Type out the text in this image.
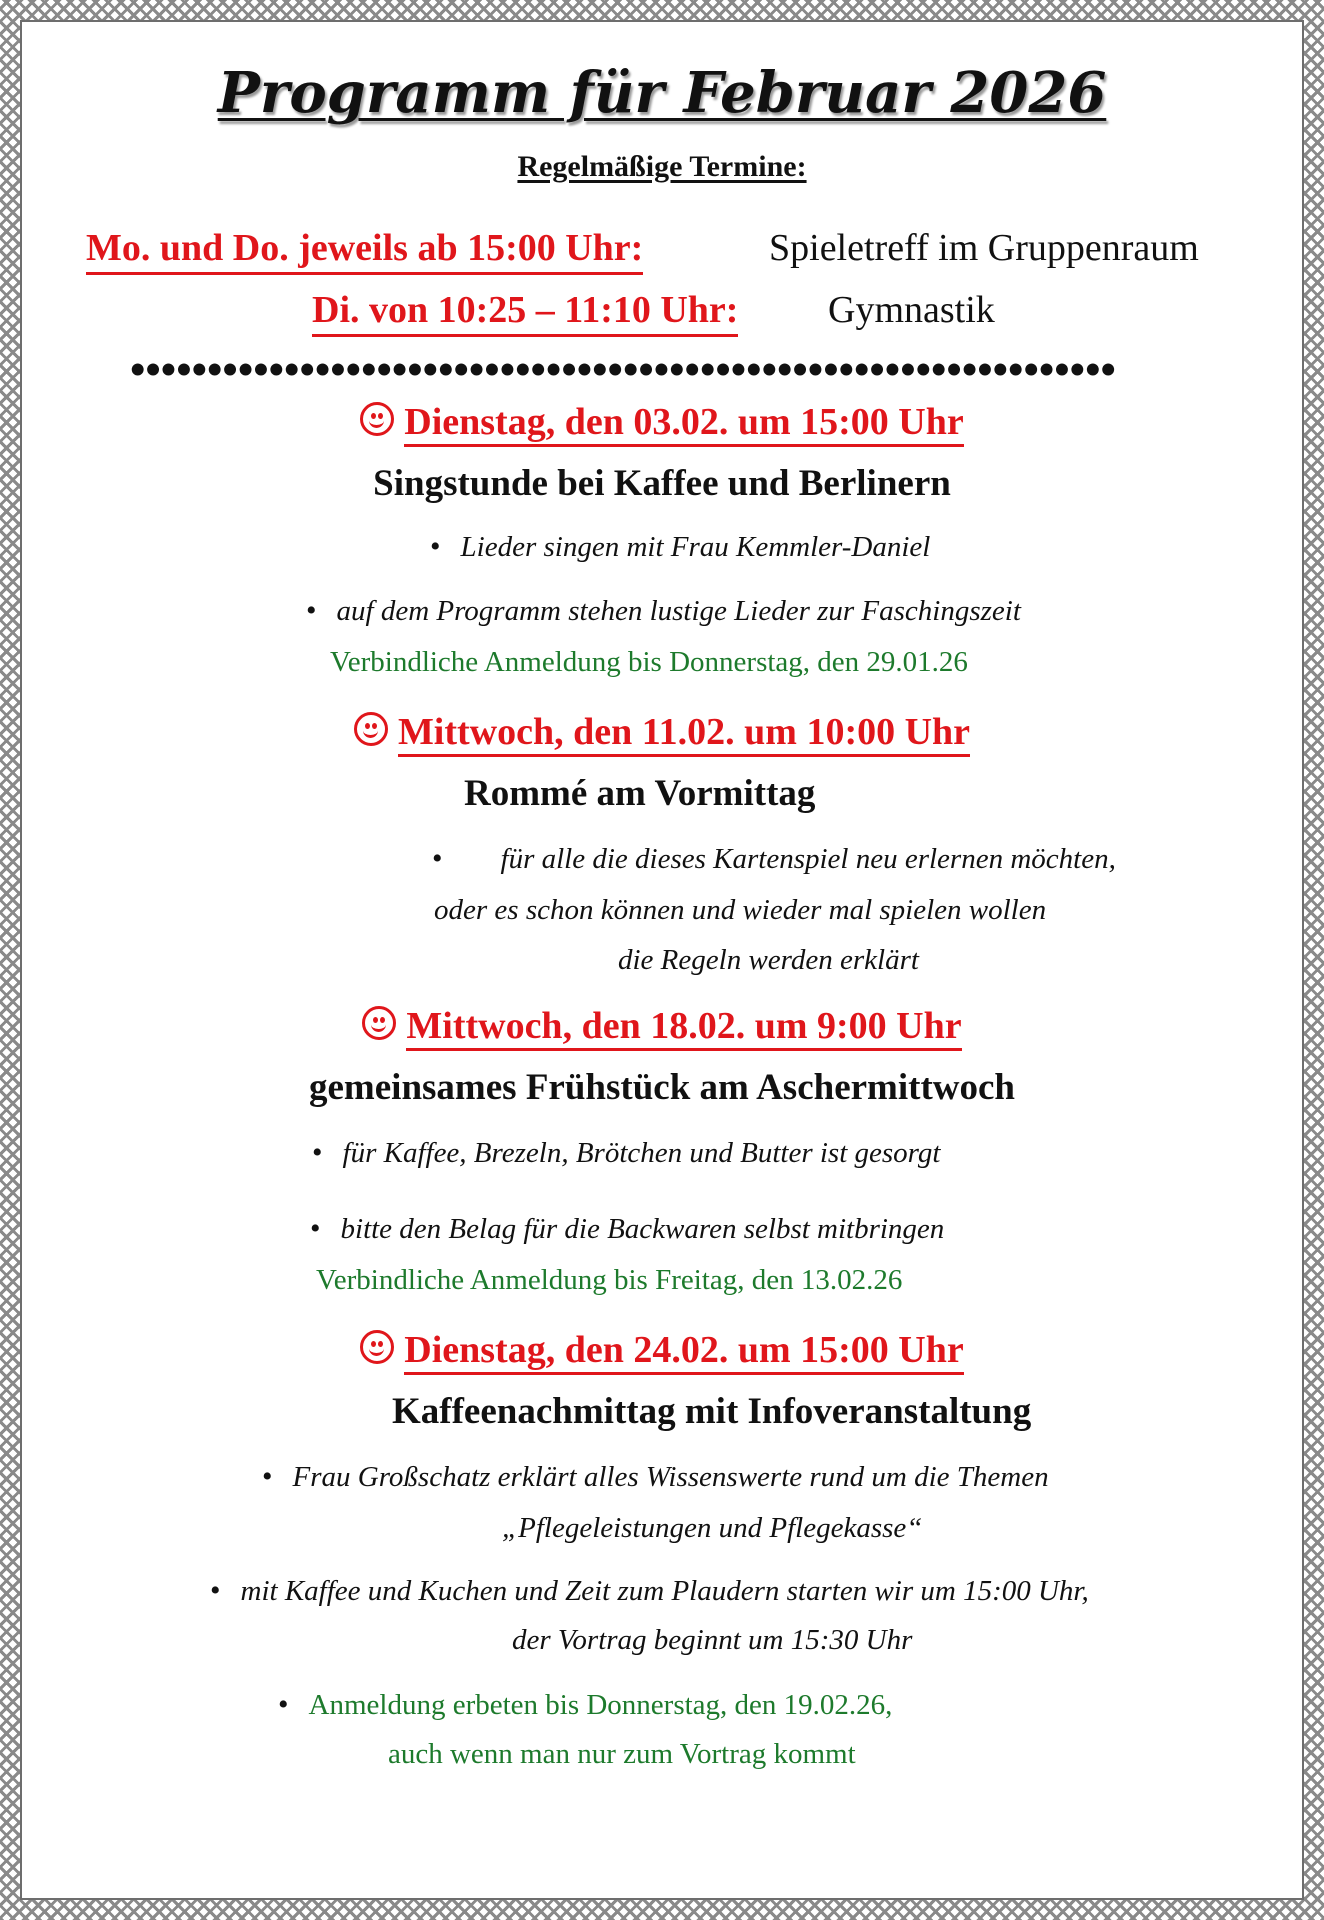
Programm für Februar 2026
Regelmäßige Termine:
Mo. und Do. jeweils ab 15:00 Uhr:	Spieletreff im Gruppenraum
Di. von 10:25 – 11:10 Uhr: Gymnastik
••••••••••••••••••••••••••••••••••••••••••••••••••••••••••••••••
Dienstag, den 03.02. um 15:00 Uhr
Singstunde bei Kaffee und Berlinern
• Lieder singen mit Frau Kemmler-Daniel
• auf dem Programm stehen lustige Lieder zur Faschingszeit
Verbindliche Anmeldung bis Donnerstag, den 29.01.26
Mittwoch, den 11.02. um 10:00 Uhr
Rommé am Vormittag
• für alle die dieses Kartenspiel neu erlernen möchten,
oder es schon können und wieder mal spielen wollen
die Regeln werden erklärt
Mittwoch, den 18.02. um 9:00 Uhr
gemeinsames Frühstück am Aschermittwoch
• für Kaffee, Brezeln, Brötchen und Butter ist gesorgt
• bitte den Belag für die Backwaren selbst mitbringen
Verbindliche Anmeldung bis Freitag, den 13.02.26
Dienstag, den 24.02. um 15:00 Uhr
Kaffeenachmittag mit Infoveranstaltung
• Frau Großschatz erklärt alles Wissenswerte rund um die Themen
„Pflegeleistungen und Pflegekasse“
• mit Kaffee und Kuchen und Zeit zum Plaudern starten wir um 15:00 Uhr,
der Vortrag beginnt um 15:30 Uhr
• Anmeldung erbeten bis Donnerstag, den 19.02.26,
auch wenn man nur zum Vortrag kommt
